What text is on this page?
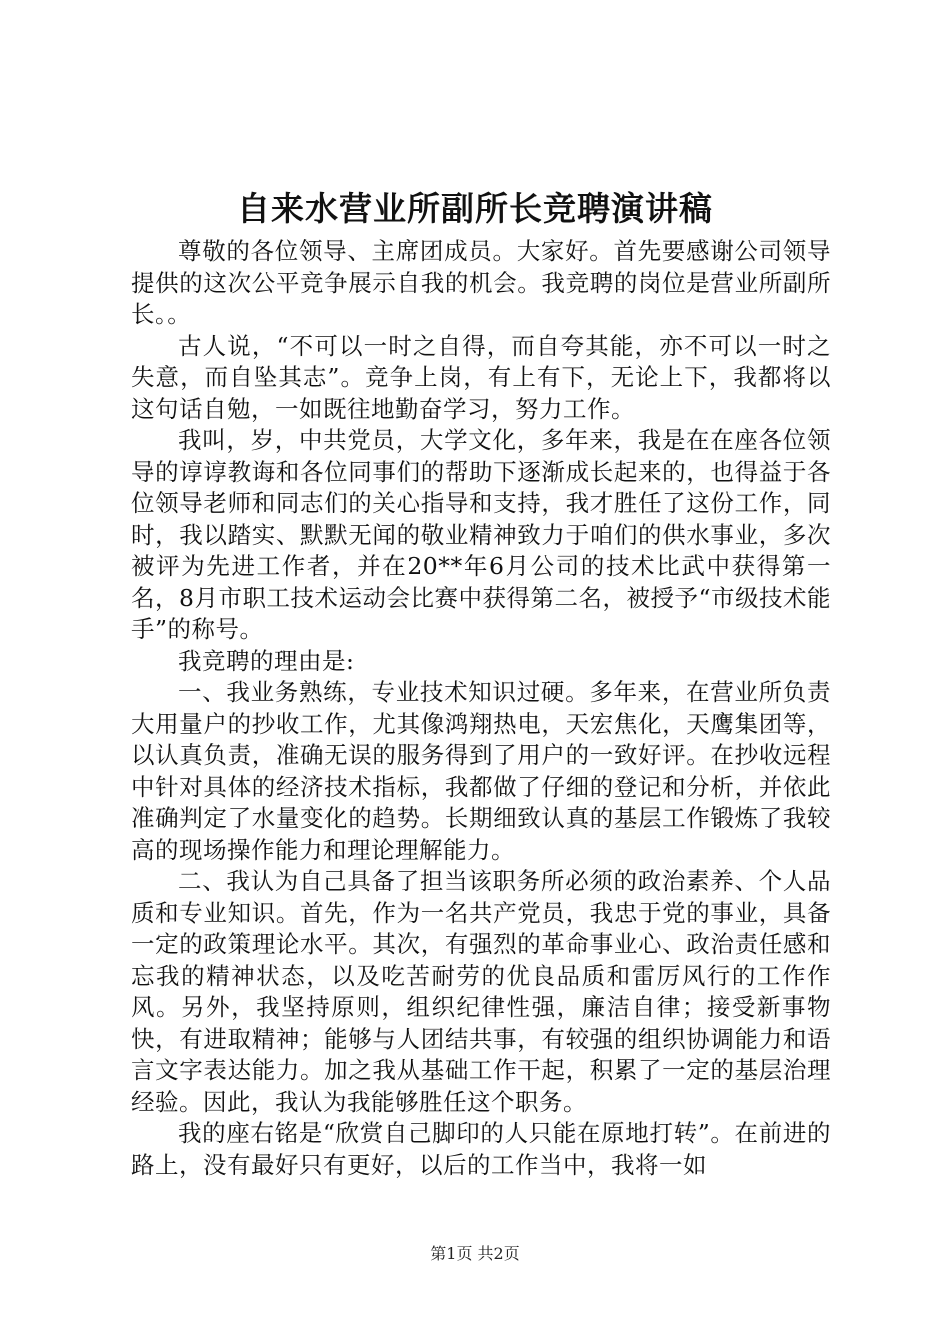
自来水营业所副所长竞聘演讲稿

尊敬的各位领导、主席团成员。大家好。首先要感谢公司领导提供的这次公平竞争展示自我的机会。我竞聘的岗位是营业所副所长。。

古人说，“不可以一时之自得，而自夸其能，亦不可以一时之失意，而自坠其志”。竞争上岗，有上有下，无论上下，我都将以这句话自勉，一如既往地勤奋学习，努力工作。

我叫，岁，中共党员，大学文化，多年来，我是在在座各位领导的谆谆教诲和各位同事们的帮助下逐渐成长起来的，也得益于各位领导老师和同志们的关心指导和支持，我才胜任了这份工作，同时，我以踏实、默默无闻的敬业精神致力于咱们的供水事业，多次被评为先进工作者，并在20**年6月公司的技术比武中获得第一名，8月市职工技术运动会比赛中获得第二名，被授予“市级技术能手”的称号。

我竞聘的理由是:

一、我业务熟练，专业技术知识过硬。多年来，在营业所负责大用量户的抄收工作，尤其像鸿翔热电，天宏焦化，天鹰集团等，以认真负责，准确无误的服务得到了用户的一致好评。在抄收远程中针对具体的经济技术指标，我都做了仔细的登记和分析，并依此准确判定了水量变化的趋势。长期细致认真的基层工作锻炼了我较高的现场操作能力和理论理解能力。

二、我认为自己具备了担当该职务所必须的政治素养、个人品质和专业知识。首先，作为一名共产党员，我忠于党的事业，具备一定的政策理论水平。其次，有强烈的革命事业心、政治责任感和忘我的精神状态，以及吃苦耐劳的优良品质和雷厉风行的工作作风。另外，我坚持原则，组织纪律性强，廉洁自律；接受新事物快，有进取精神；能够与人团结共事，有较强的组织协调能力和语言文字表达能力。加之我从基础工作干起，积累了一定的基层治理经验。因此，我认为我能够胜任这个职务。

我的座右铭是“欣赏自己脚印的人只能在原地打转”。在前进的路上，没有最好只有更好，以后的工作当中，我将一如

第1页 共2页
